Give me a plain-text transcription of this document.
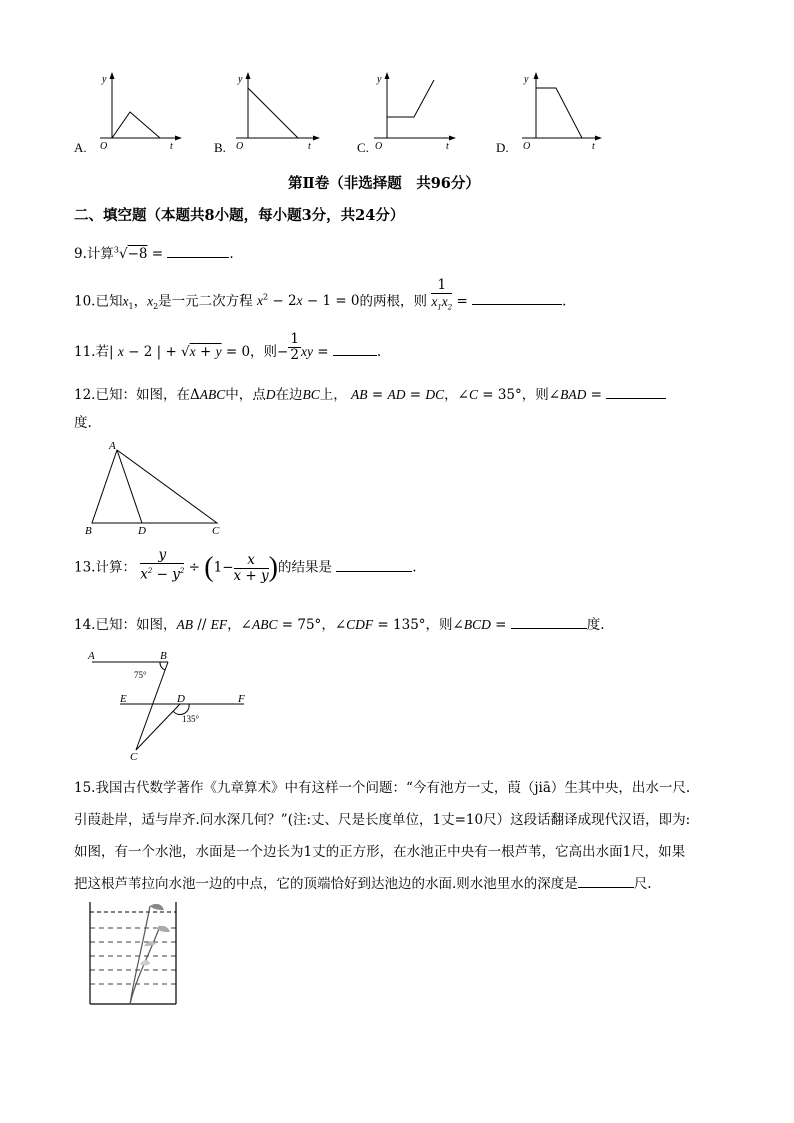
y
O	t
y
O	t
y
O	t
y
O	t
A.	B.	C.	D.
第Ⅱ卷（非选择题　共96分）
二、填空题（本题共8小题，每小题3分，共24分）
9.计算$^3$√−8 =	.
10.已知$x_1$，$x_2$是一元二次方程 $x^2 - 2x - 1 = 0$的两根，则 $\frac{1}{x_1x_2}$ =	.
11.若| x − 2 | + √x + y = 0，则− $\frac{1}{2}$ xy =	.
12.已知：如图，在ΔABC中，点D在边BC上， AB = AD = DC，∠C = 35°，则∠BAD =
度.
A
B	D	C
13.计算： $\frac{y}{x^2 - y^2} \div (1- \frac{x}{x + y}$ )的结果是	.
14.已知：如图，AB // EF，∠ABC = 75°，∠CDF = 135°，则∠BCD =	度.
A	B
75°
E	D	F
135°
C
15.我国古代数学著作《九章算术》中有这样一个问题：“今有池方一丈，葭（jiā）生其中央，出水一尺.
引葭赴岸，适与岸齐.问水深几何？”(注:丈、尺是长度单位，1丈=10尺）这段话翻译成现代汉语，即为:
如图，有一个水池，水面是一个边长为1丈的正方形，在水池正中央有一根芦苇，它高出水面1尺，如果
把这根芦苇拉向水池一边的中点，它的顶端恰好到达池边的水面.则水池里水的深度是	尺.
